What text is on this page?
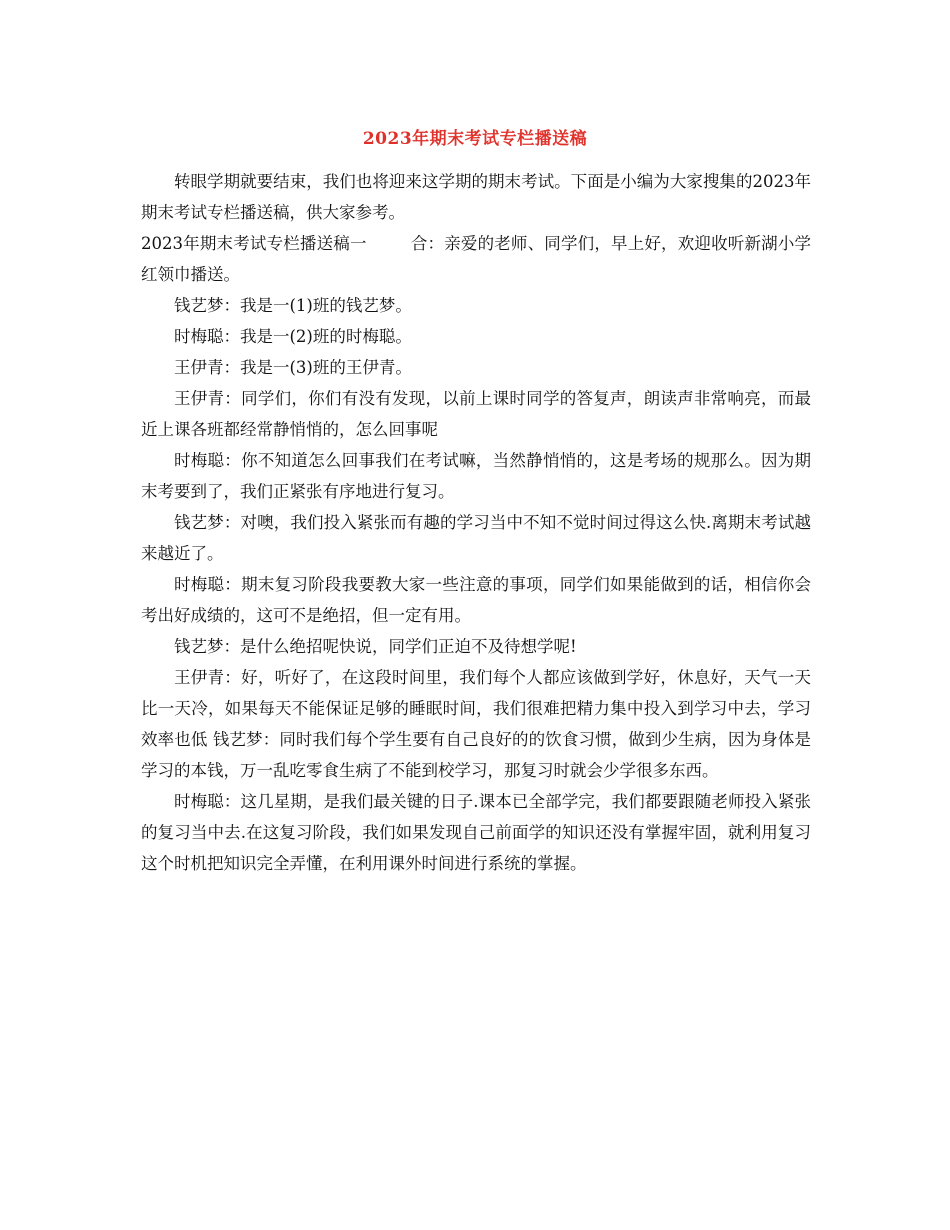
2023年期末考试专栏播送稿

转眼学期就要结束，我们也将迎来这学期的期末考试。下面是小编为大家搜集的2023年期末考试专栏播送稿，供大家参考。

2023年期末考试专栏播送稿一	合：亲爱的老师、同学们，早上好，欢迎收听新湖小学红领巾播送。

钱艺梦：我是一(1)班的钱艺梦。

时梅聪：我是一(2)班的时梅聪。

王伊青：我是一(3)班的王伊青。

王伊青：同学们，你们有没有发现，以前上课时同学的答复声，朗读声非常响亮，而最近上课各班都经常静悄悄的，怎么回事呢

时梅聪：你不知道怎么回事我们在考试嘛，当然静悄悄的，这是考场的规那么。因为期末考要到了，我们正紧张有序地进行复习。

钱艺梦：对噢，我们投入紧张而有趣的学习当中不知不觉时间过得这么快.离期末考试越来越近了。

时梅聪：期末复习阶段我要教大家一些注意的事项，同学们如果能做到的话，相信你会考出好成绩的，这可不是绝招，但一定有用。

钱艺梦：是什么绝招呢快说，同学们正迫不及待想学呢!

王伊青：好，听好了，在这段时间里，我们每个人都应该做到学好，休息好，天气一天比一天冷，如果每天不能保证足够的睡眠时间，我们很难把精力集中投入到学习中去，学习效率也低 钱艺梦：同时我们每个学生要有自己良好的的饮食习惯，做到少生病，因为身体是学习的本钱，万一乱吃零食生病了不能到校学习，那复习时就会少学很多东西。

时梅聪：这几星期，是我们最关键的日子.课本已全部学完，我们都要跟随老师投入紧张的复习当中去.在这复习阶段，我们如果发现自己前面学的知识还没有掌握牢固，就利用复习这个时机把知识完全弄懂，在利用课外时间进行系统的掌握。
